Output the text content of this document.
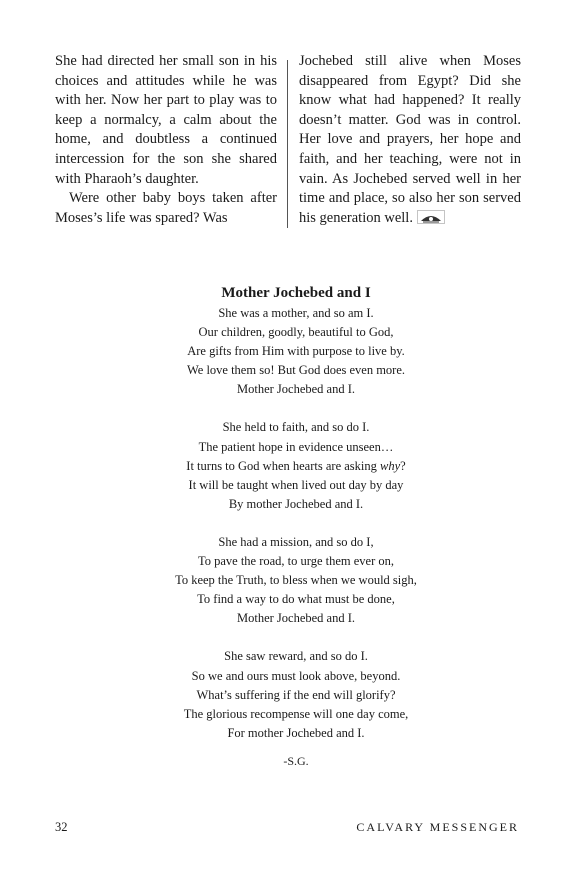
She had directed her small son in his choices and attitudes while he was with her. Now her part to play was to keep a normalcy, a calm about the home, and doubtless a continued intercession for the son she shared with Pharaoh’s daughter.

Were other baby boys taken after Moses’s life was spared? Was

Jochebed still alive when Moses disappeared from Egypt? Did she know what had happened? It really doesn’t matter. God was in control. Her love and prayers, her hope and faith, and her teaching, were not in vain. As Jochebed served well in her time and place, so also her son served his generation well.

Mother Jochebed and I
She was a mother, and so am I.
Our children, goodly, beautiful to God,
Are gifts from Him with purpose to live by.
We love them so! But God does even more.
Mother Jochebed and I.
She held to faith, and so do I.
The patient hope in evidence unseen…
It turns to God when hearts are asking why?
It will be taught when lived out day by day
By mother Jochebed and I.
She had a mission, and so do I,
To pave the road, to urge them ever on,
To keep the Truth, to bless when we would sigh,
To find a way to do what must be done,
Mother Jochebed and I.
She saw reward, and so do I.
So we and ours must look above, beyond.
What’s suffering if the end will glorify?
The glorious recompense will one day come,
For mother Jochebed and I.
-S.G.
32	CALVARY MESSENGER
